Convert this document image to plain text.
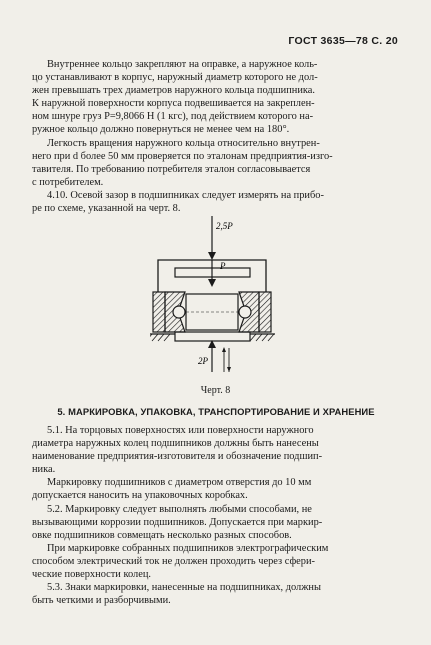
ГОСТ 3635—78 С. 20

Внутреннее кольцо закрепляют на оправке, а наружное коль-

цо устанавливают в корпус, наружный диаметр которого не дол-

жен превышать трех диаметров наружного кольца подшипника.

К наружной поверхности корпуса подвешивается на закреплен-

ном шнуре груз P=9,8066 Н (1 кгс), под действием которого на-

ружное кольцо должно повернуться не менее чем на 180°.

Легкость вращения наружного кольца относительно внутрен-

него при d более 50 мм проверяется по эталонам предприятия-изго-

тавителя. По требованию потребителя эталон согласовывается

с потребителем.

4.10. Осевой зазор в подшипниках следует измерять на прибо-

ре по схеме, указанной на черт. 8.

2,5P
P
2P
Черт. 8
5. МАРКИРОВКА, УПАКОВКА, ТРАНСПОРТИРОВАНИЕ И ХРАНЕНИЕ

5.1. На торцовых поверхностях или поверхности наружного

диаметра наружных колец подшипников должны быть нанесены

наименование предприятия-изготовителя и обозначение подшип-

ника.

Маркировку подшипников с диаметром отверстия до 10 мм

допускается наносить на упаковочных коробках.

5.2. Маркировку следует выполнять любыми способами, не

вызывающими коррозии подшипников. Допускается при маркир-

овке подшипников совмещать несколько разных способов.

При маркировке собранных подшипников электрографическим

способом электрический ток не должен проходить через сфери-

ческие поверхности колец.

5.3. Знаки маркировки, нанесенные на подшипниках, должны

быть четкими и разборчивыми.
